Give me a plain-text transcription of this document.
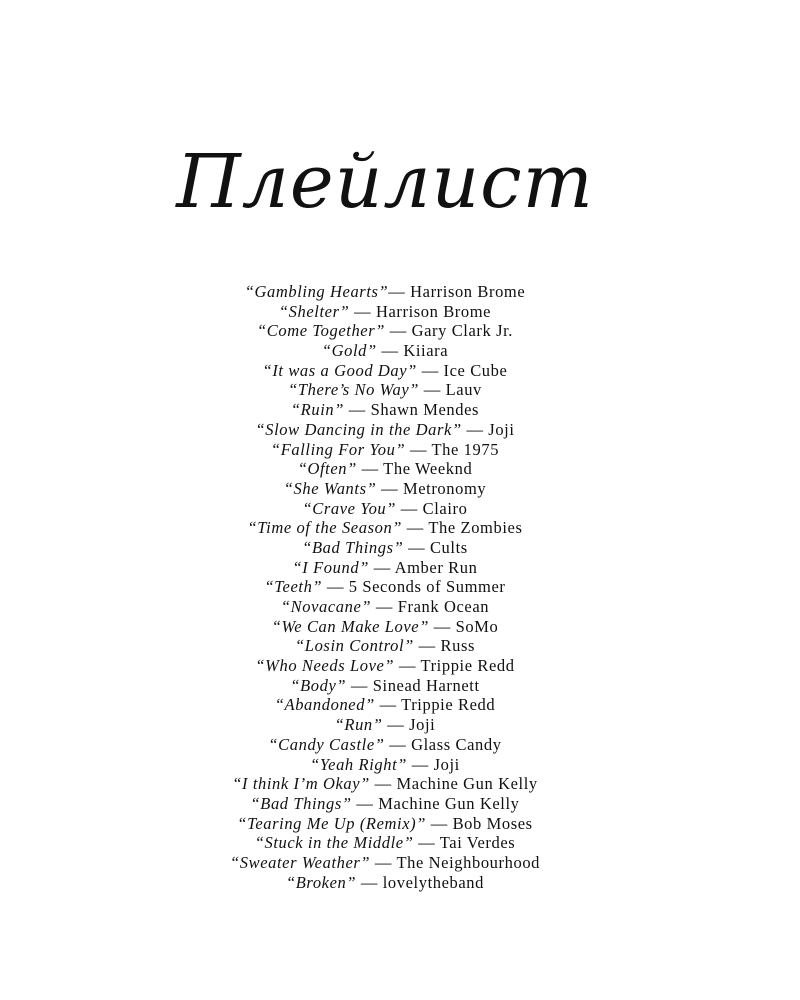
Плейлист
“Gambling Hearts”— Harrison Brome
“Shelter” — Harrison Brome
“Come Together” — Gary Clark Jr.
“Gold” — Kiiara
“It was a Good Day” — Ice Cube
“There’s No Way” — Lauv
“Ruin” — Shawn Mendes
“Slow Dancing in the Dark” — Joji
“Falling For You” — The 1975
“Often” — The Weeknd
“She Wants” — Metronomy
“Crave You” — Clairo
“Time of the Season” — The Zombies
“Bad Things” — Cults
“I Found” — Amber Run
“Teeth” — 5 Seconds of Summer
“Novacane” — Frank Ocean
“We Can Make Love” — SoMo
“Losin Control” — Russ
“Who Needs Love” — Trippie Redd
“Body” — Sinead Harnett
“Abandoned” — Trippie Redd
“Run” — Joji
“Candy Castle” — Glass Candy
“Yeah Right” — Joji
“I think I’m Okay” — Machine Gun Kelly
“Bad Things” — Machine Gun Kelly
“Tearing Me Up (Remix)” — Bob Moses
“Stuck in the Middle” — Tai Verdes
“Sweater Weather” — The Neighbourhood
“Broken” — lovelytheband
